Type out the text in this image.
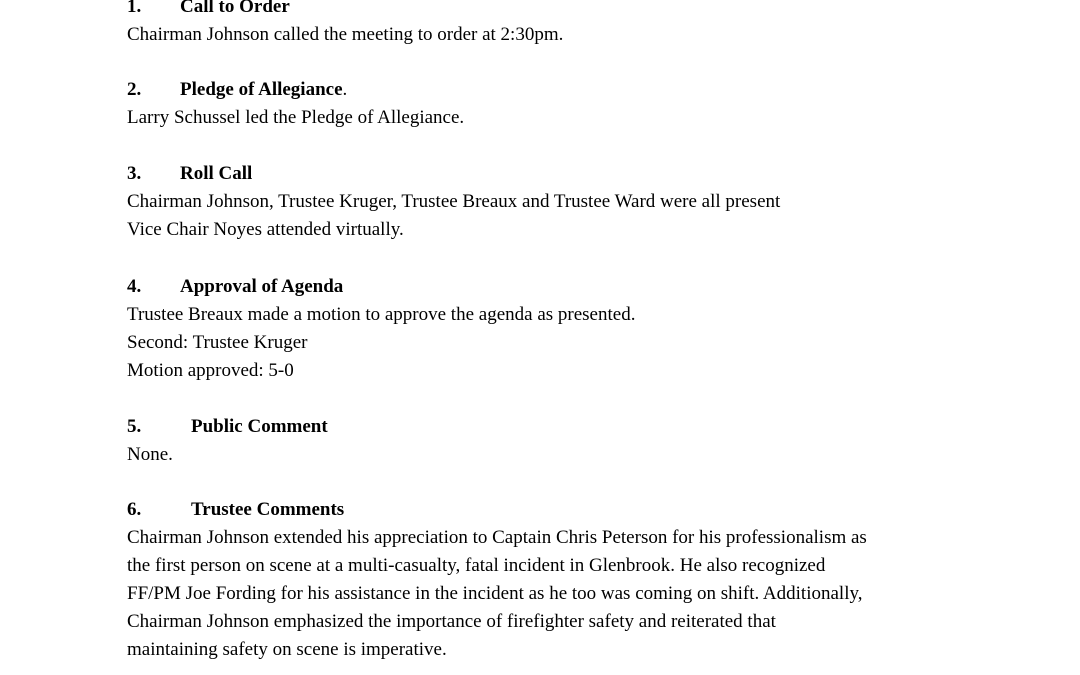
1. Call to Order
Chairman Johnson called the meeting to order at 2:30pm.
2. Pledge of Allegiance.
Larry Schussel led the Pledge of Allegiance.
3. Roll Call
Chairman Johnson, Trustee Kruger, Trustee Breaux and Trustee Ward were all present
Vice Chair Noyes attended virtually.
4. Approval of Agenda
Trustee Breaux made a motion to approve the agenda as presented.
Second: Trustee Kruger
Motion approved: 5-0
5.	Public Comment
None.
6.	Trustee Comments
Chairman Johnson extended his appreciation to Captain Chris Peterson for his professionalism as
the first person on scene at a multi-casualty, fatal incident in Glenbrook. He also recognized
FF/PM Joe Fording for his assistance in the incident as he too was coming on shift. Additionally,
Chairman Johnson emphasized the importance of firefighter safety and reiterated that
maintaining safety on scene is imperative.
